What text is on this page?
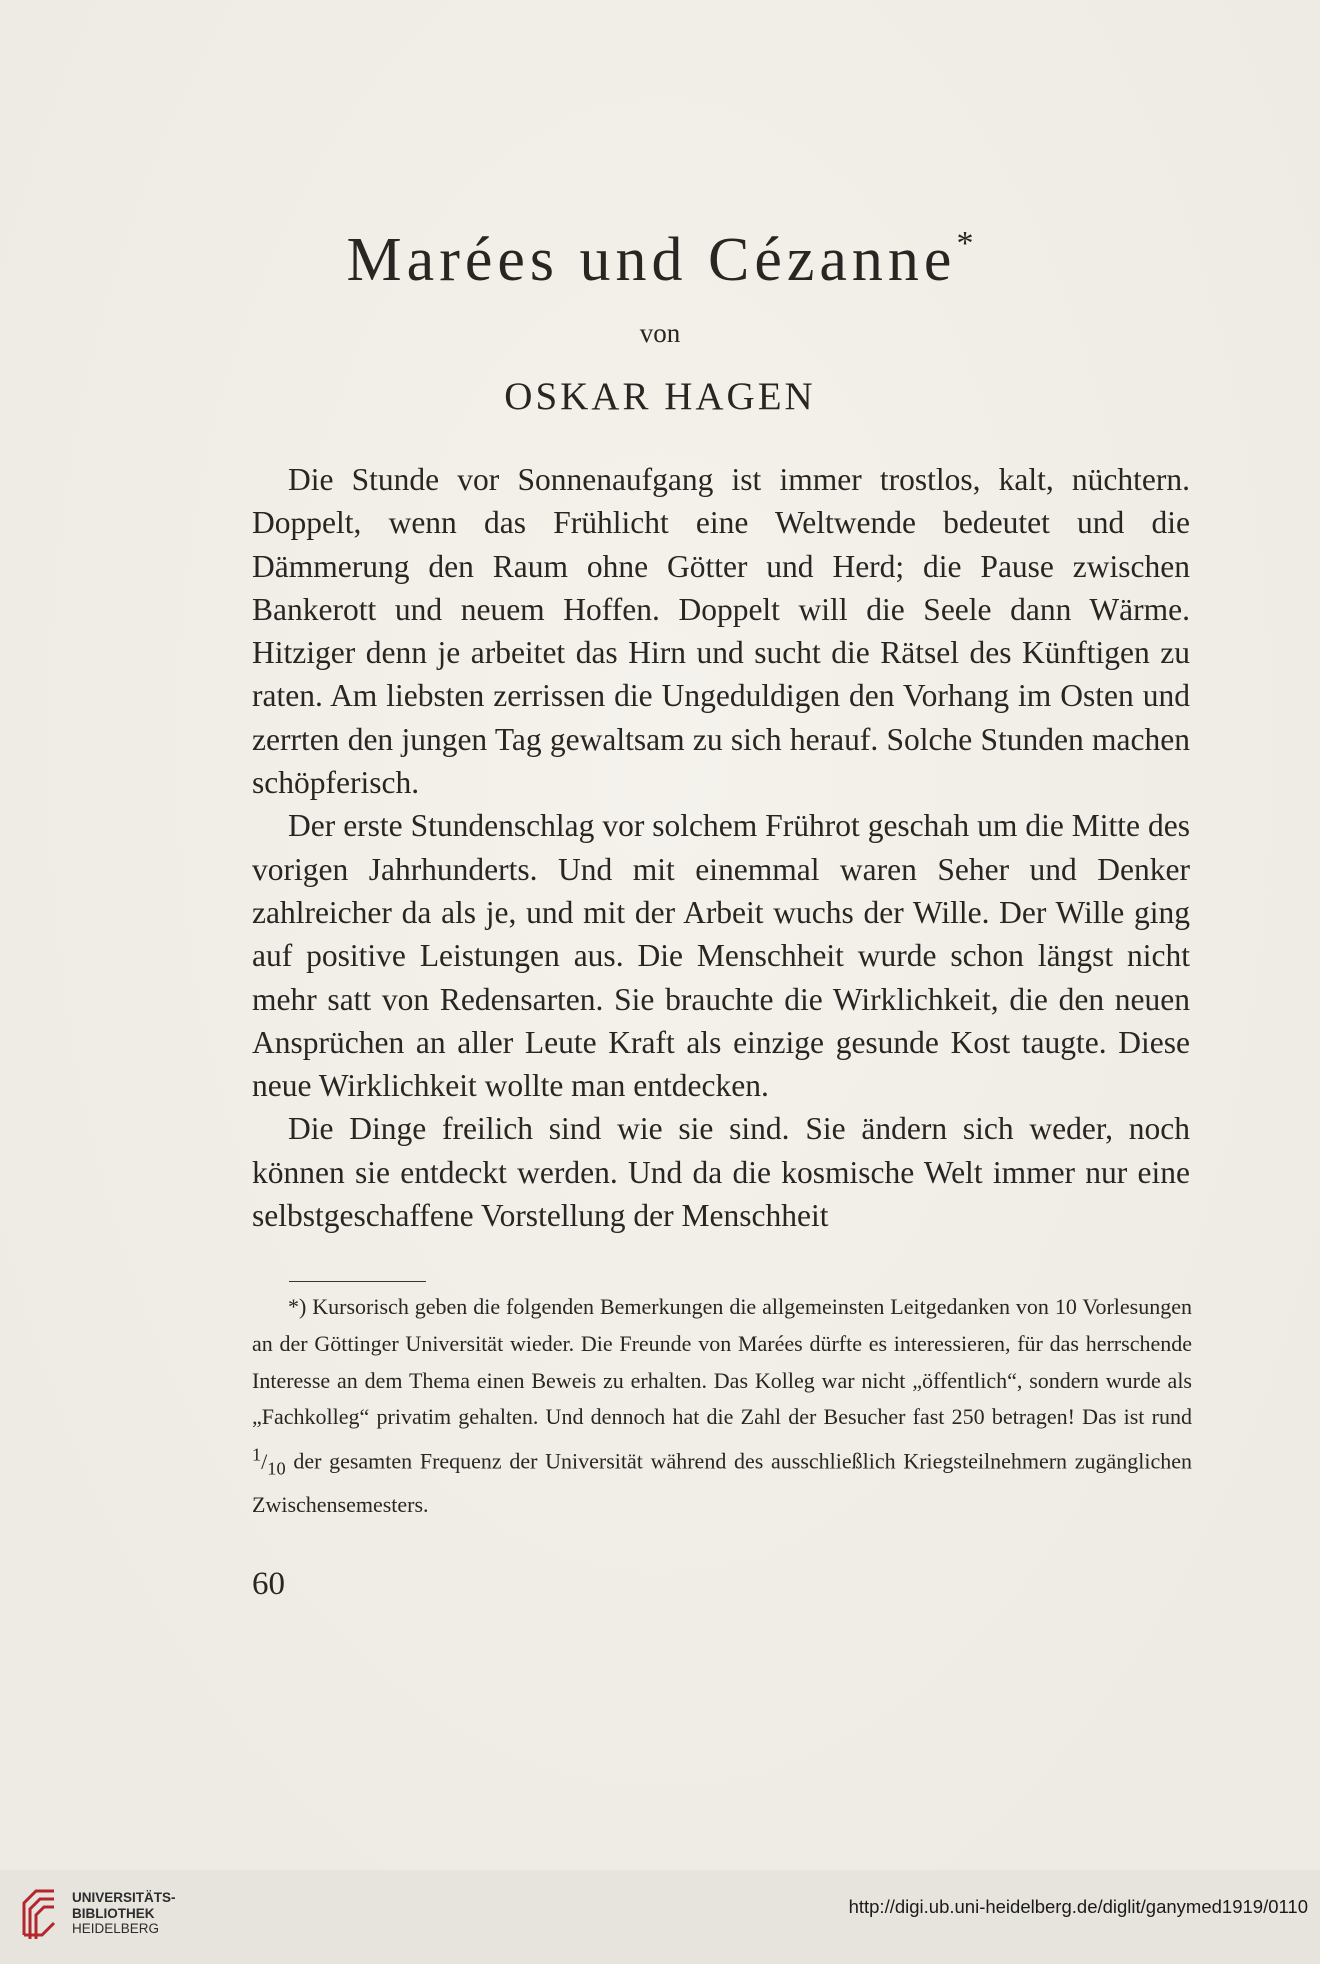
Marées und Cézanne*
von
OSKAR HAGEN

Die Stunde vor Sonnenaufgang ist immer trostlos, kalt, nüchtern. Doppelt, wenn das Frühlicht eine Weltwende bedeutet und die Dämmerung den Raum ohne Götter und Herd; die Pause zwischen Bankerott und neuem Hoffen. Doppelt will die Seele dann Wärme. Hitziger denn je arbeitet das Hirn und sucht die Rätsel des Künftigen zu raten. Am liebsten zerrissen die Ungeduldigen den Vorhang im Osten und zerrten den jungen Tag gewaltsam zu sich herauf. Solche Stunden machen schöpferisch.

Der erste Stundenschlag vor solchem Frührot geschah um die Mitte des vorigen Jahrhunderts. Und mit einemmal waren Seher und Denker zahlreicher da als je, und mit der Arbeit wuchs der Wille. Der Wille ging auf positive Leistungen aus. Die Menschheit wurde schon längst nicht mehr satt von Redensarten. Sie brauchte die Wirklichkeit, die den neuen Ansprüchen an aller Leute Kraft als einzige gesunde Kost taugte. Diese neue Wirklichkeit wollte man entdecken.

Die Dinge freilich sind wie sie sind. Sie ändern sich weder, noch können sie entdeckt werden. Und da die kosmische Welt immer nur eine selbstgeschaffene Vorstellung der Menschheit

*) Kursorisch geben die folgenden Bemerkungen die allgemeinsten Leitgedanken von 10 Vorlesungen an der Göttinger Universität wieder. Die Freunde von Marées dürfte es interessieren, für das herrschende Interesse an dem Thema einen Beweis zu erhalten. Das Kolleg war nicht „öffentlich“, sondern wurde als „Fachkolleg“ privatim gehalten. Und dennoch hat die Zahl der Besucher fast 250 betragen! Das ist rund $^1/_{10}$ der gesamten Frequenz der Universität während des ausschließlich Kriegsteilnehmern zugänglichen Zwischensemesters.

60
UNIVERSITÄTS-
BIBLIOTHEK
HEIDELBERG
http://digi.ub.uni-heidelberg.de/diglit/ganymed1919/0110
